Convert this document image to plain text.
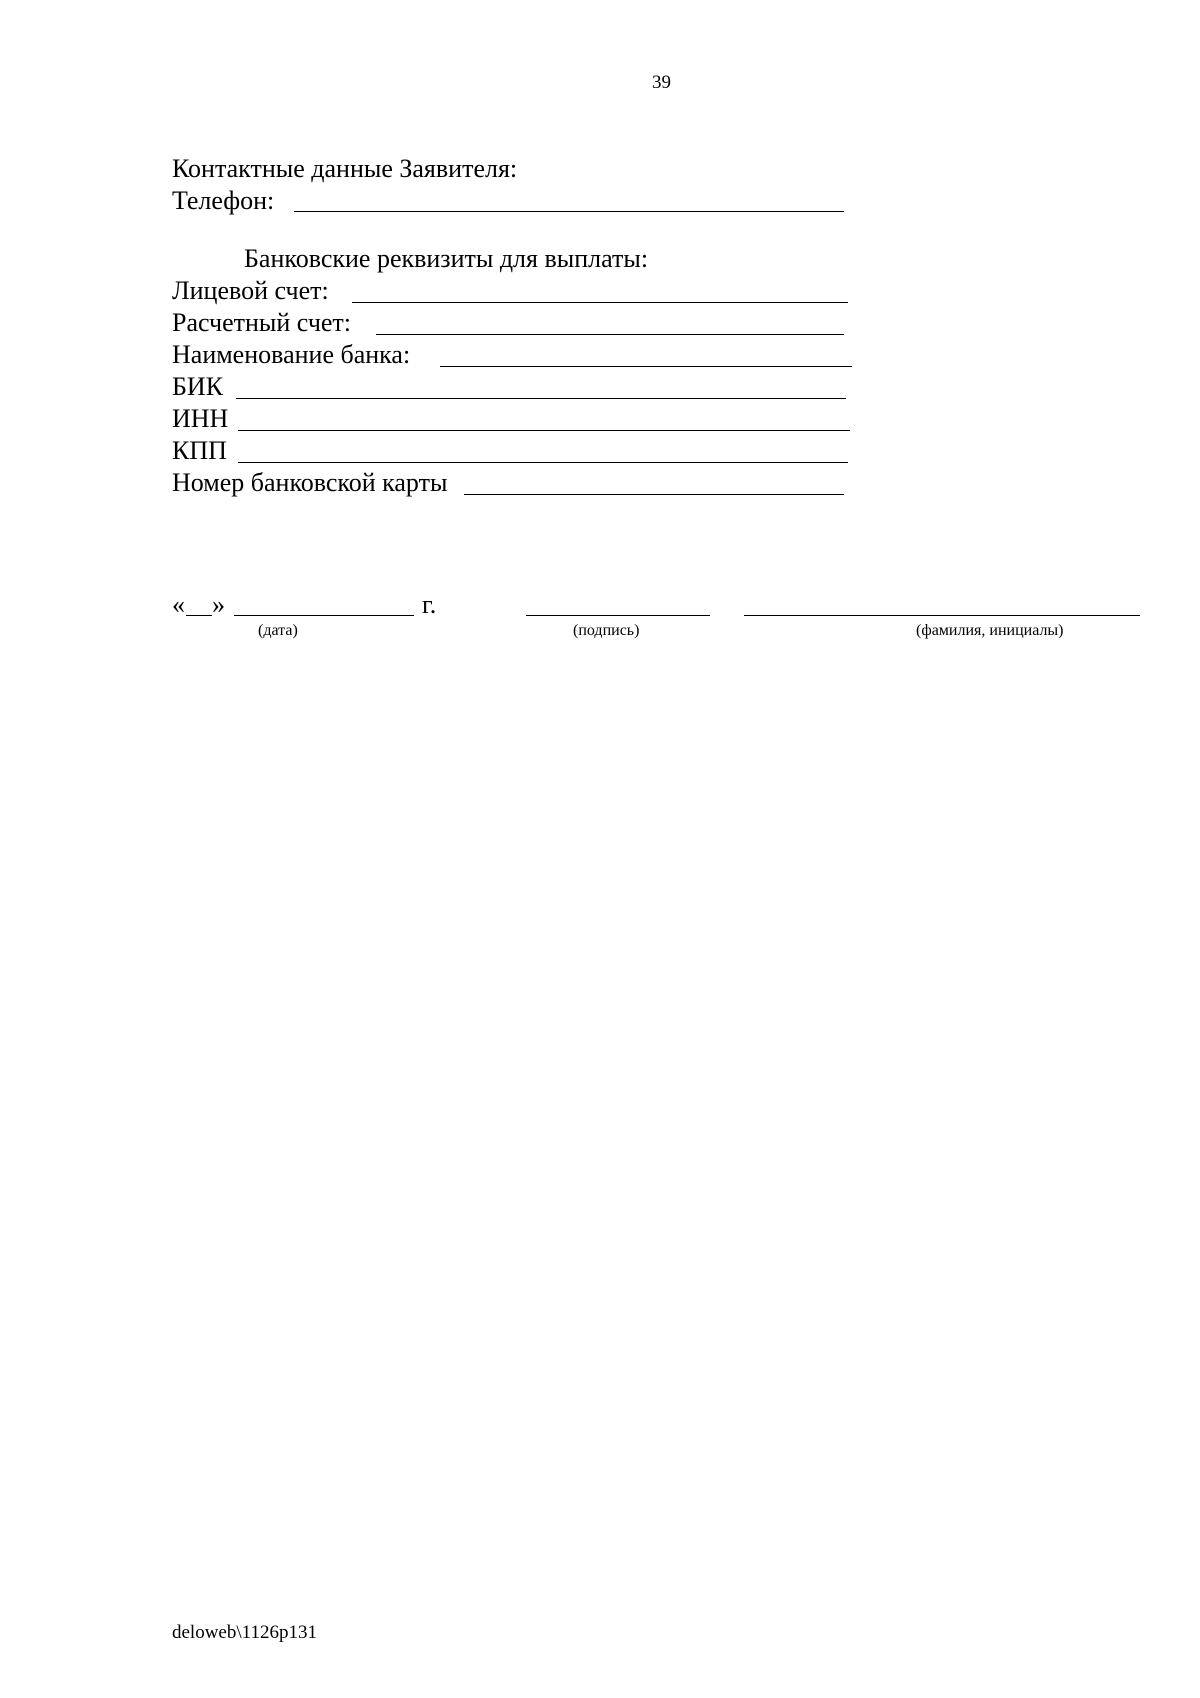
39
Контактные данные Заявителя:
Телефон:
Банковские реквизиты для выплаты:
Лицевой счет:
Расчетный счет:
Наименование банка:
БИК
ИНН
КПП
Номер банковской карты
« »	г.
(дата)	(подпись)	(фамилия, инициалы)
deloweb\1126p131
